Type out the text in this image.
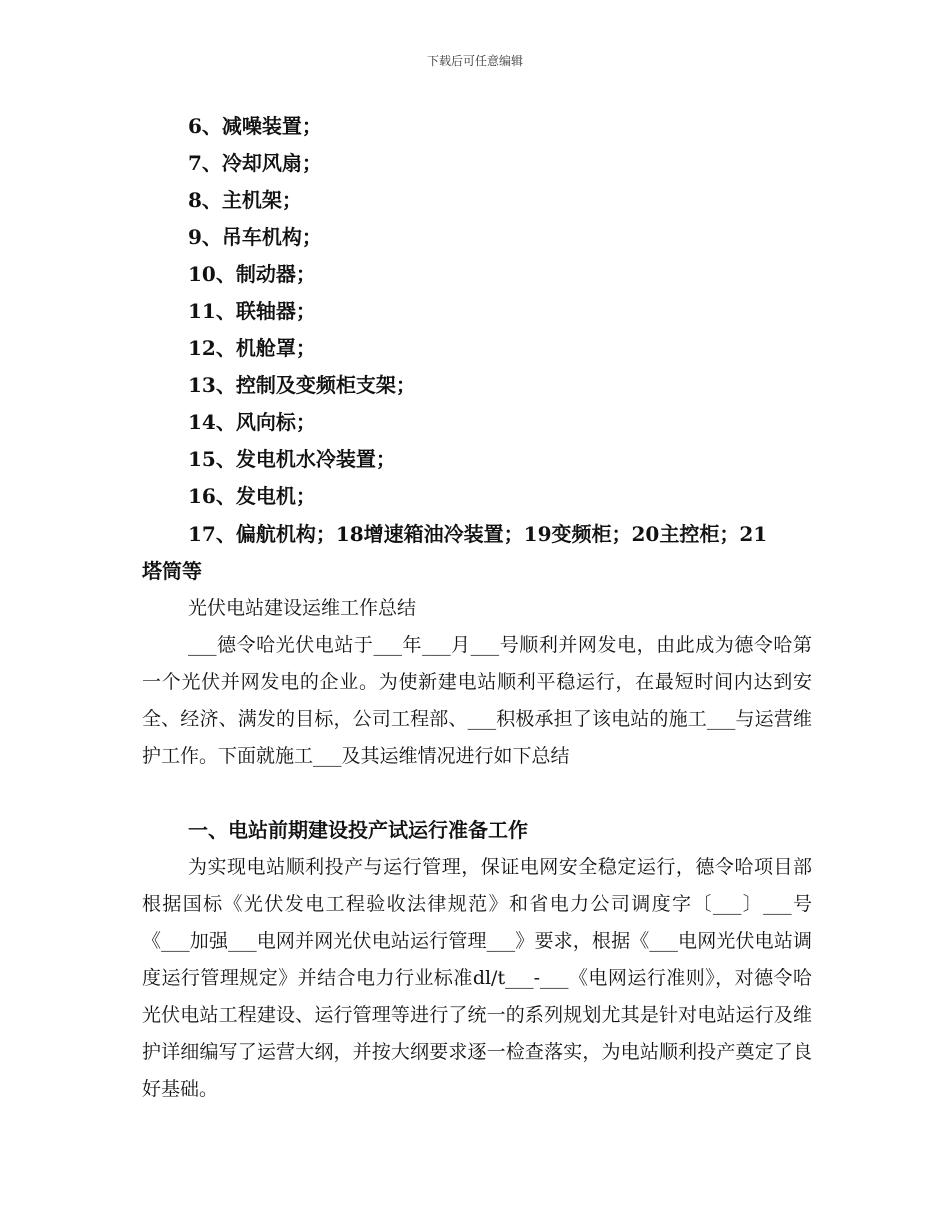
下载后可任意编辑
6、减噪装置；
7、冷却风扇；
8、主机架；
9、吊车机构；
10、制动器；
11、联轴器；
12、机舱罩；
13、控制及变频柜支架；
14、风向标；
15、发电机水冷装置；
16、发电机；
17、偏航机构；18增速箱油冷装置；19变频柜；20主控柜；21
塔筒等
光伏电站建设运维工作总结
___德令哈光伏电站于___年___月___号顺利并网发电，由此成为德令哈第一个光伏并网发电的企业。为使新建电站顺利平稳运行，在最短时间内达到安全、经济、满发的目标，公司工程部、___积极承担了该电站的施工___与运营维护工作。下面就施工___及其运维情况进行如下总结
一、电站前期建设投产试运行准备工作
为实现电站顺利投产与运行管理，保证电网安全稳定运行，德令哈项目部根据国标《光伏发电工程验收法律规范》和省电力公司调度字〔___〕___号《___加强___电网并网光伏电站运行管理___》要求，根据《___电网光伏电站调度运行管理规定》并结合电力行业标准dl/t___-___《电网运行准则》，对德令哈光伏电站工程建设、运行管理等进行了统一的系列规划尤其是针对电站运行及维护详细编写了运营大纲，并按大纲要求逐一检查落实，为电站顺利投产奠定了良好基础。
